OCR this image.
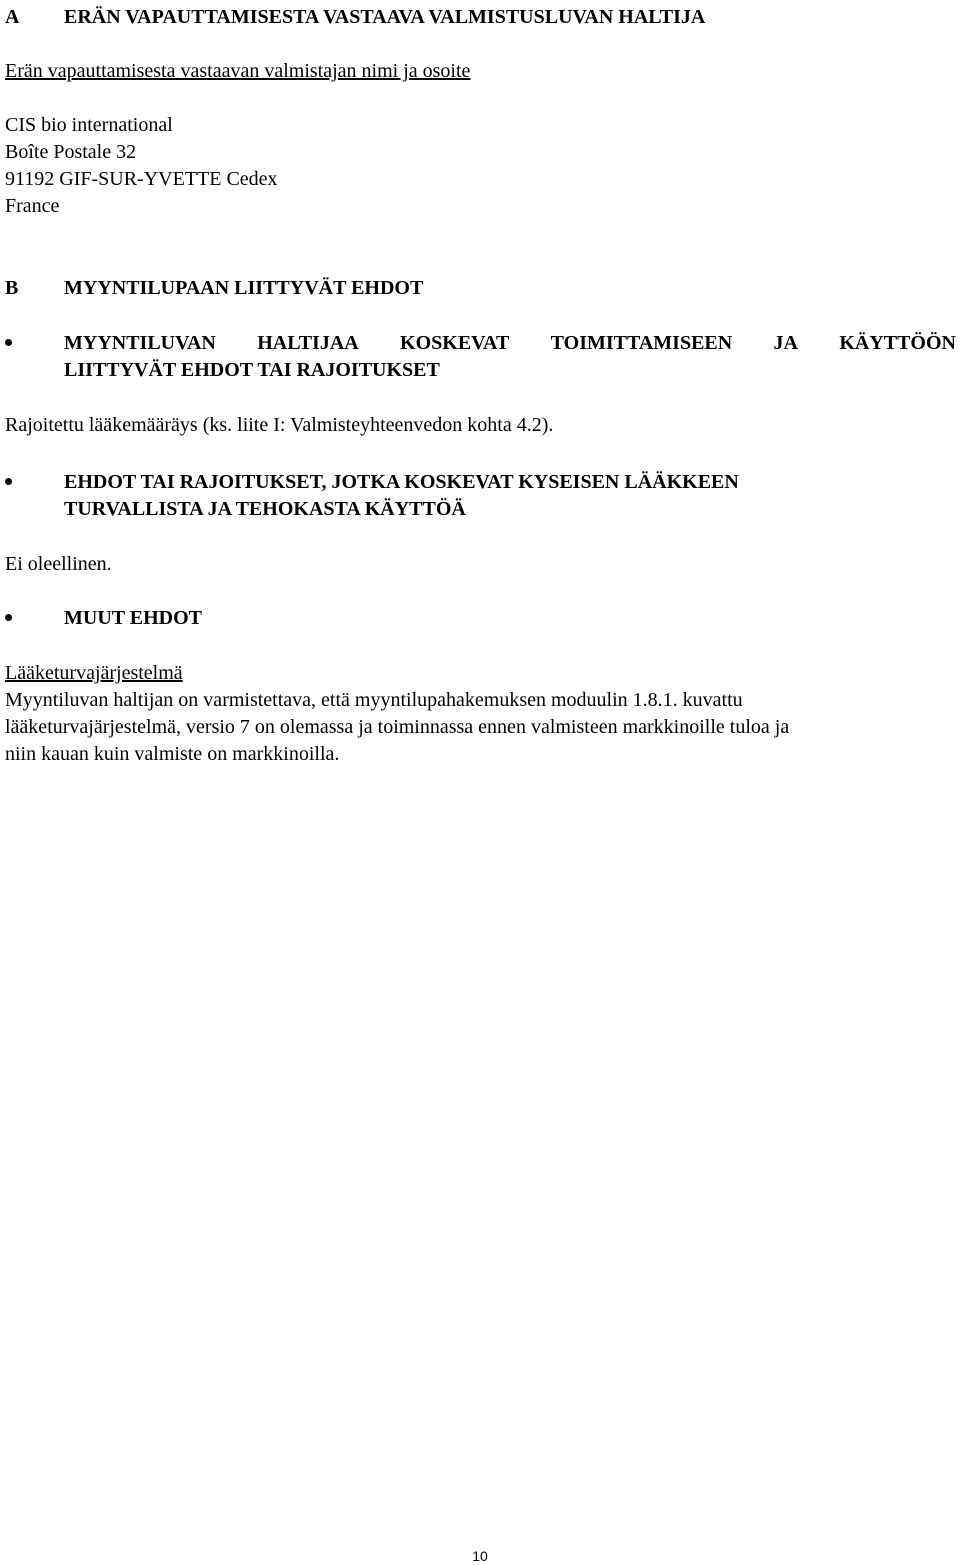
A ERÄN VAPAUTTAMISESTA VASTAAVA VALMISTUSLUVAN HALTIJA
Erän vapauttamisesta vastaavan valmistajan nimi ja osoite
CIS bio international
Boîte Postale 32
91192 GIF-SUR-YVETTE Cedex
France
B MYYNTILUPAAN LIITTYVÄT EHDOT
MYYNTILUVAN HALTIJAA KOSKEVAT TOIMITTAMISEEN JA KÄYTTÖÖN
LIITTYVÄT EHDOT TAI RAJOITUKSET
Rajoitettu lääkemääräys (ks. liite I: Valmisteyhteenvedon kohta 4.2).
EHDOT TAI RAJOITUKSET, JOTKA KOSKEVAT KYSEISEN LÄÄKKEEN
TURVALLISTA JA TEHOKASTA KÄYTTÖÄ
Ei oleellinen.
MUUT EHDOT
Lääketurvajärjestelmä
Myyntiluvan haltijan on varmistettava, että myyntilupahakemuksen moduulin 1.8.1. kuvattu
lääketurvajärjestelmä, versio 7 on olemassa ja toiminnassa ennen valmisteen markkinoille tuloa ja
niin kauan kuin valmiste on markkinoilla.
10
